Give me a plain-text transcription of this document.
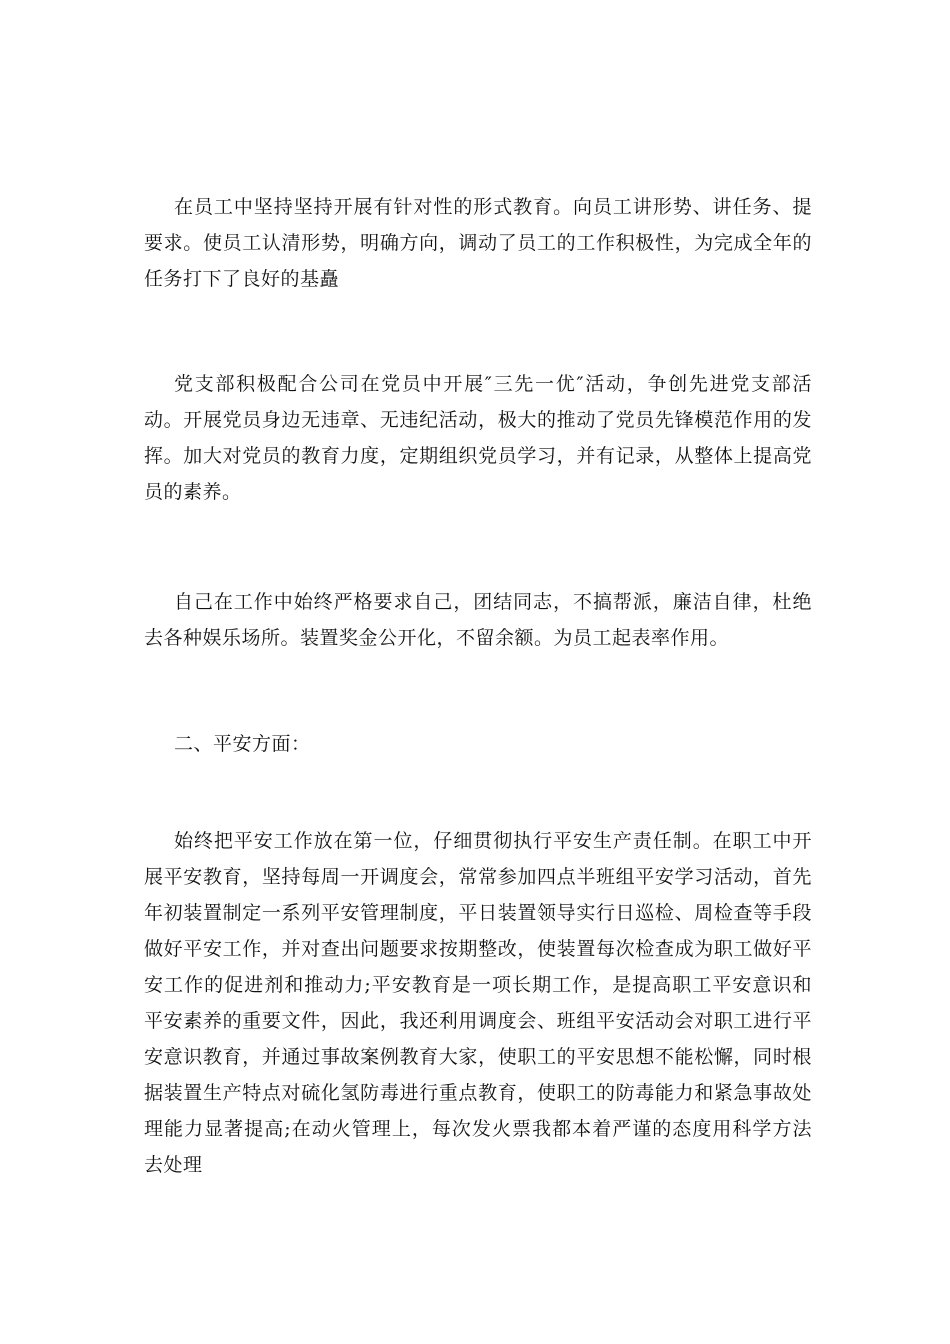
在员工中坚持坚持开展有针对性的形式教育。向员工讲形势、讲任务、提要求。使员工认清形势，明确方向，调动了员工的工作积极性，为完成全年的任务打下了良好的基矗

党支部积极配合公司在党员中开展″三先一优″活动，争创先进党支部活动。开展党员身边无违章、无违纪活动，极大的推动了党员先锋模范作用的发挥。加大对党员的教育力度，定期组织党员学习，并有记录，从整体上提高党员的素养。

自己在工作中始终严格要求自己，团结同志，不搞帮派，廉洁自律，杜绝去各种娱乐场所。装置奖金公开化，不留余额。为员工起表率作用。

二、平安方面：

始终把平安工作放在第一位，仔细贯彻执行平安生产责任制。在职工中开展平安教育，坚持每周一开调度会，常常参加四点半班组平安学习活动，首先年初装置制定一系列平安管理制度，平日装置领导实行日巡检、周检查等手段做好平安工作，并对查出问题要求按期整改，使装置每次检查成为职工做好平安工作的促进剂和推动力;平安教育是一项长期工作，是提高职工平安意识和平安素养的重要文件，因此，我还利用调度会、班组平安活动会对职工进行平安意识教育，并通过事故案例教育大家，使职工的平安思想不能松懈，同时根据装置生产特点对硫化氢防毒进行重点教育，使职工的防毒能力和紧急事故处理能力显著提高;在动火管理上，每次发火票我都本着严谨的态度用科学方法去处理
